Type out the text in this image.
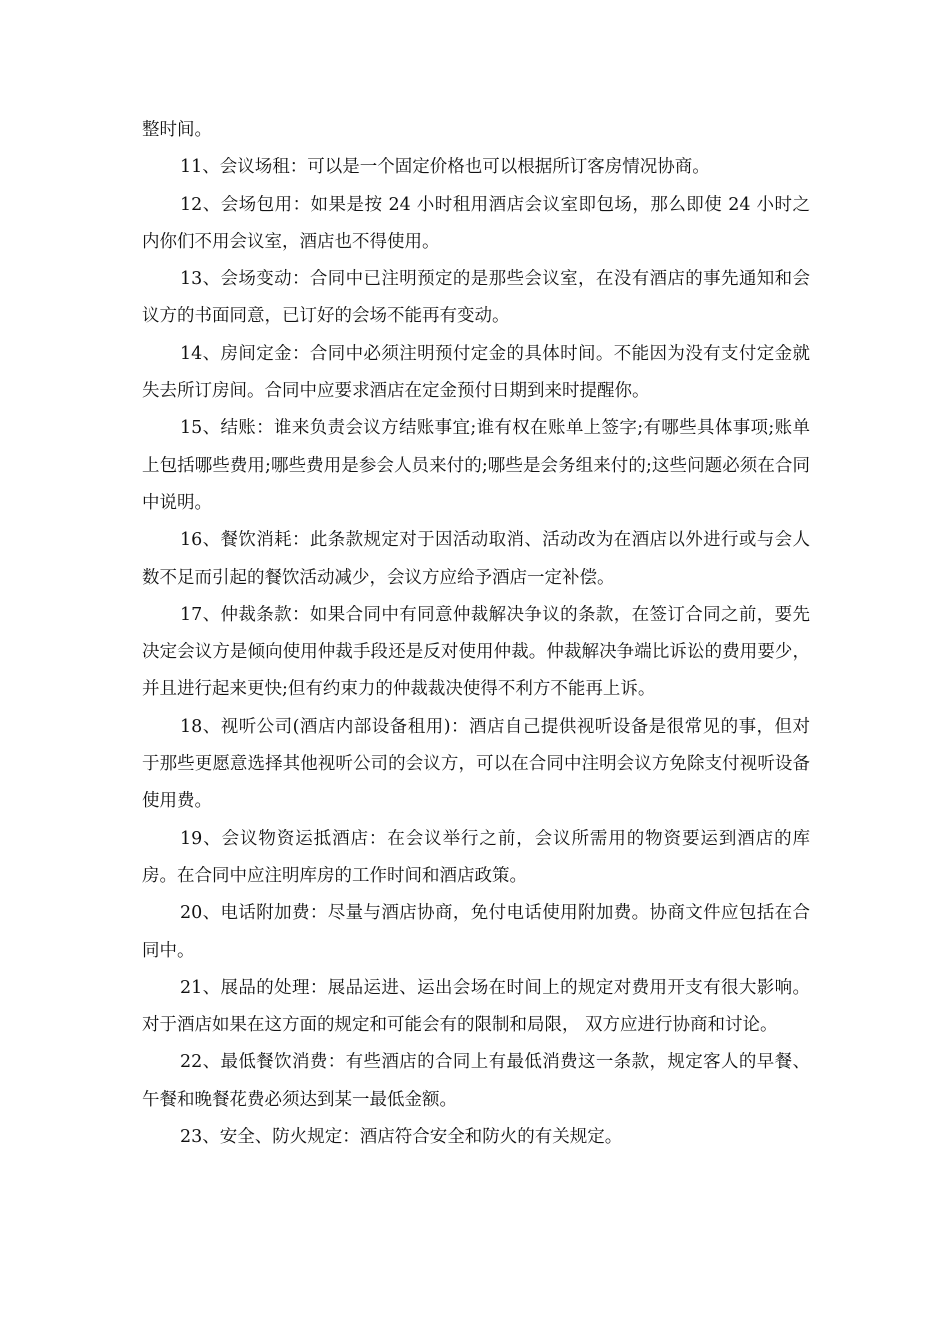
整时间。

11、会议场租：可以是一个固定价格也可以根据所订客房情况协商。

12、会场包用：如果是按 24 小时租用酒店会议室即包场，那么即使 24 小时之内你们不用会议室，酒店也不得使用。

13、会场变动：合同中已注明预定的是那些会议室，在没有酒店的事先通知和会议方的书面同意，已订好的会场不能再有变动。

14、房间定金：合同中必须注明预付定金的具体时间。不能因为没有支付定金就失去所订房间。合同中应要求酒店在定金预付日期到来时提醒你。

15、结账：谁来负责会议方结账事宜;谁有权在账单上签字;有哪些具体事项;账单上包括哪些费用;哪些费用是参会人员来付的;哪些是会务组来付的;这些问题必须在合同中说明。

16、餐饮消耗：此条款规定对于因活动取消、活动改为在酒店以外进行或与会人数不足而引起的餐饮活动减少，会议方应给予酒店一定补偿。

17、仲裁条款：如果合同中有同意仲裁解决争议的条款，在签订合同之前，要先决定会议方是倾向使用仲裁手段还是反对使用仲裁。仲裁解决争端比诉讼的费用要少，并且进行起来更快;但有约束力的仲裁裁决使得不利方不能再上诉。

18、视听公司(酒店内部设备租用)：酒店自己提供视听设备是很常见的事，但对于那些更愿意选择其他视听公司的会议方，可以在合同中注明会议方免除支付视听设备使用费。

19、会议物资运抵酒店：在会议举行之前，会议所需用的物资要运到酒店的库房。在合同中应注明库房的工作时间和酒店政策。

20、电话附加费：尽量与酒店协商，免付电话使用附加费。协商文件应包括在合同中。

21、展品的处理：展品运进、运出会场在时间上的规定对费用开支有很大影响。对于酒店如果在这方面的规定和可能会有的限制和局限， 双方应进行协商和讨论。

22、最低餐饮消费：有些酒店的合同上有最低消费这一条款，规定客人的早餐、午餐和晚餐花费必须达到某一最低金额。

23、安全、防火规定：酒店符合安全和防火的有关规定。
